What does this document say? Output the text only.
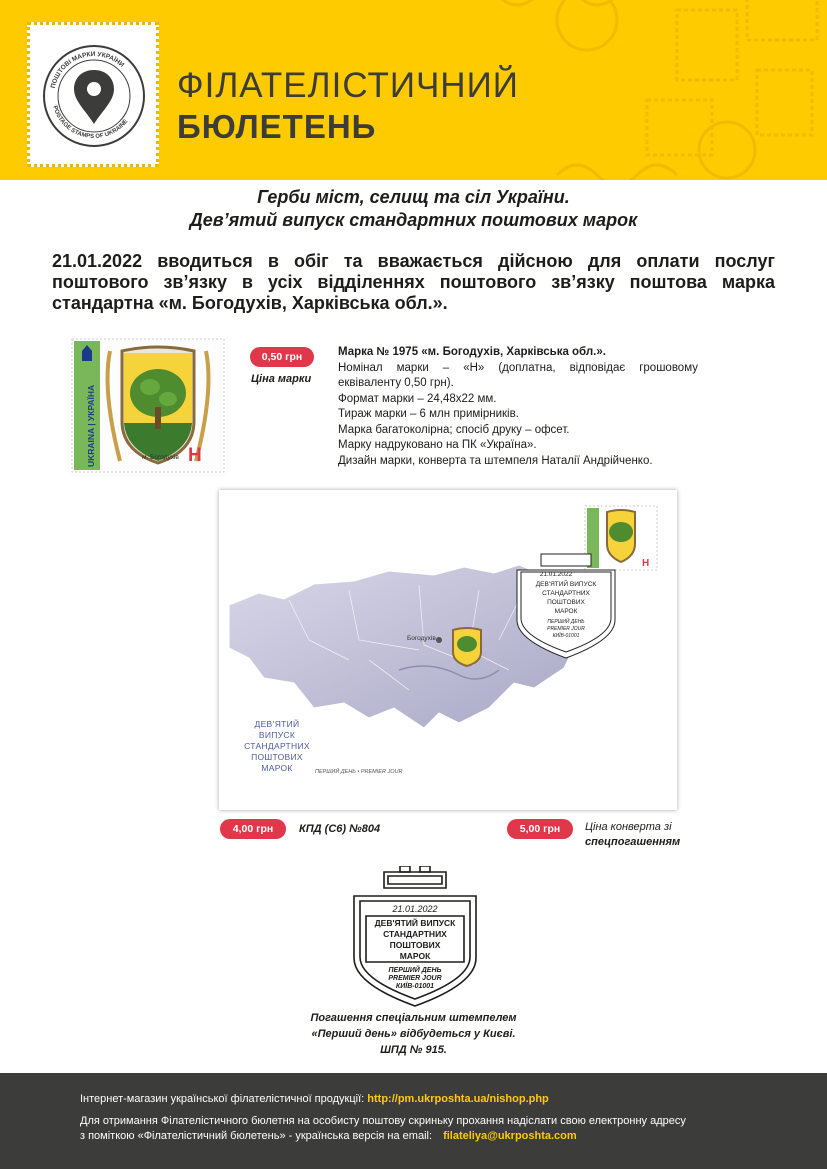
ПОШТОВІ МАРКИ УКРАЇНИ
POSTAGE STAMPS OF UKRAINE
ФІЛАТЕЛІСТИЧНИЙ
БЮЛЕТЕНЬ
Герби міст, селищ та сіл України.
Дев’ятий випуск стандартних поштових марок
21.01.2022 вводиться в обіг та вважається дійсною для оплати послуг поштового зв’язку в усіх відділеннях поштового зв’язку поштова марка стандартна «м. Богодухів, Харківська обл.».
UKRAINA | УКРАЇНА	Н
м. Богодухів
0,50 грн
Ціна марки
Марка № 1975 «м. Богодухів, Харківська обл.».
Номінал марки – «Н» (доплатна, відповідає грошовому
еквіваленту 0,50 грн).
Формат марки – 24,48х22 мм.
Тираж марки – 6 млн примірників.
Марка багатоколірна; спосіб друку – офсет.
Марку надруковано на ПК «Україна».
Дизайн марки, конверта та штемпеля Наталії Андрійченко.
Богодухів
Н
21.01.2022
ДЕВ'ЯТИЙ ВИПУСК
СТАНДАРТНИХ
ПОШТОВИХ
МАРОК
ПЕРШИЙ ДЕНЬ
PREMIER JOUR
КИЇВ-01001
ДЕВ’ЯТИЙ
ВИПУСК
СТАНДАРТНИХ
ПОШТОВИХ
МАРОК	ПЕРШИЙ ДЕНЬ • PREMIER JOUR
4,00 грн	КПД (С6) №804	5,00 грн	Ціна конверта зі
спецпогашенням
21.01.2022
ДЕВ'ЯТИЙ ВИПУСК
СТАНДАРТНИХ
ПОШТОВИХ
МАРОК
ПЕРШИЙ ДЕНЬ
PREMIER JOUR
КИЇВ-01001
Погашення спеціальним штемпелем
«Перший день» відбудеться у Києві.
ШПД № 915.
Інтернет-магазин української філателістичної продукції: http://pm.ukrposhta.ua/nishop.php
Для отримання Філателістичного бюлетня на особисту поштову скриньку прохання надіслати свою електронну адресу
з поміткою «Філателістичний бюлетень» - українська версія на email: filateliya@ukrposhta.com
